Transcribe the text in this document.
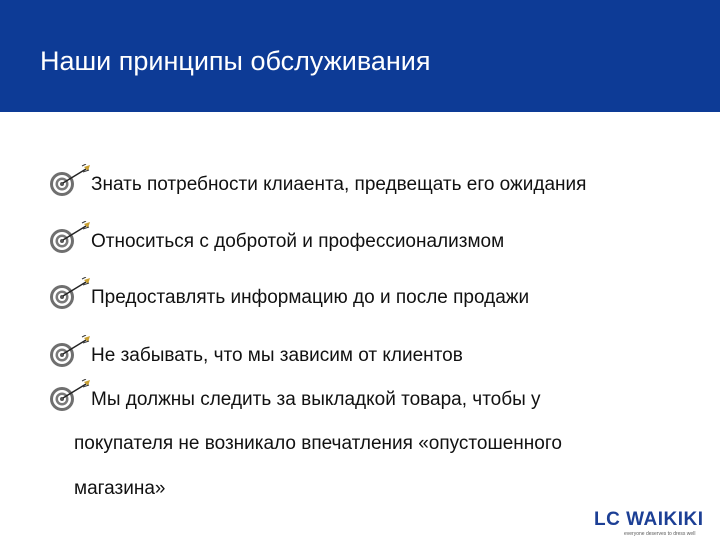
Наши принципы обслуживания
Знать потребности клиаента, предвещать его ожидания
Относиться с добротой и профессионализмом
Предоставлять информацию до и после продажи
Не забывать, что мы зависим от клиентов
Мы должны следить за выкладкой товара, чтобы у
покупателя не возникало впечатления «опустошенного
магазина»
LC WAIKIKI
everyone deserves to dress well
